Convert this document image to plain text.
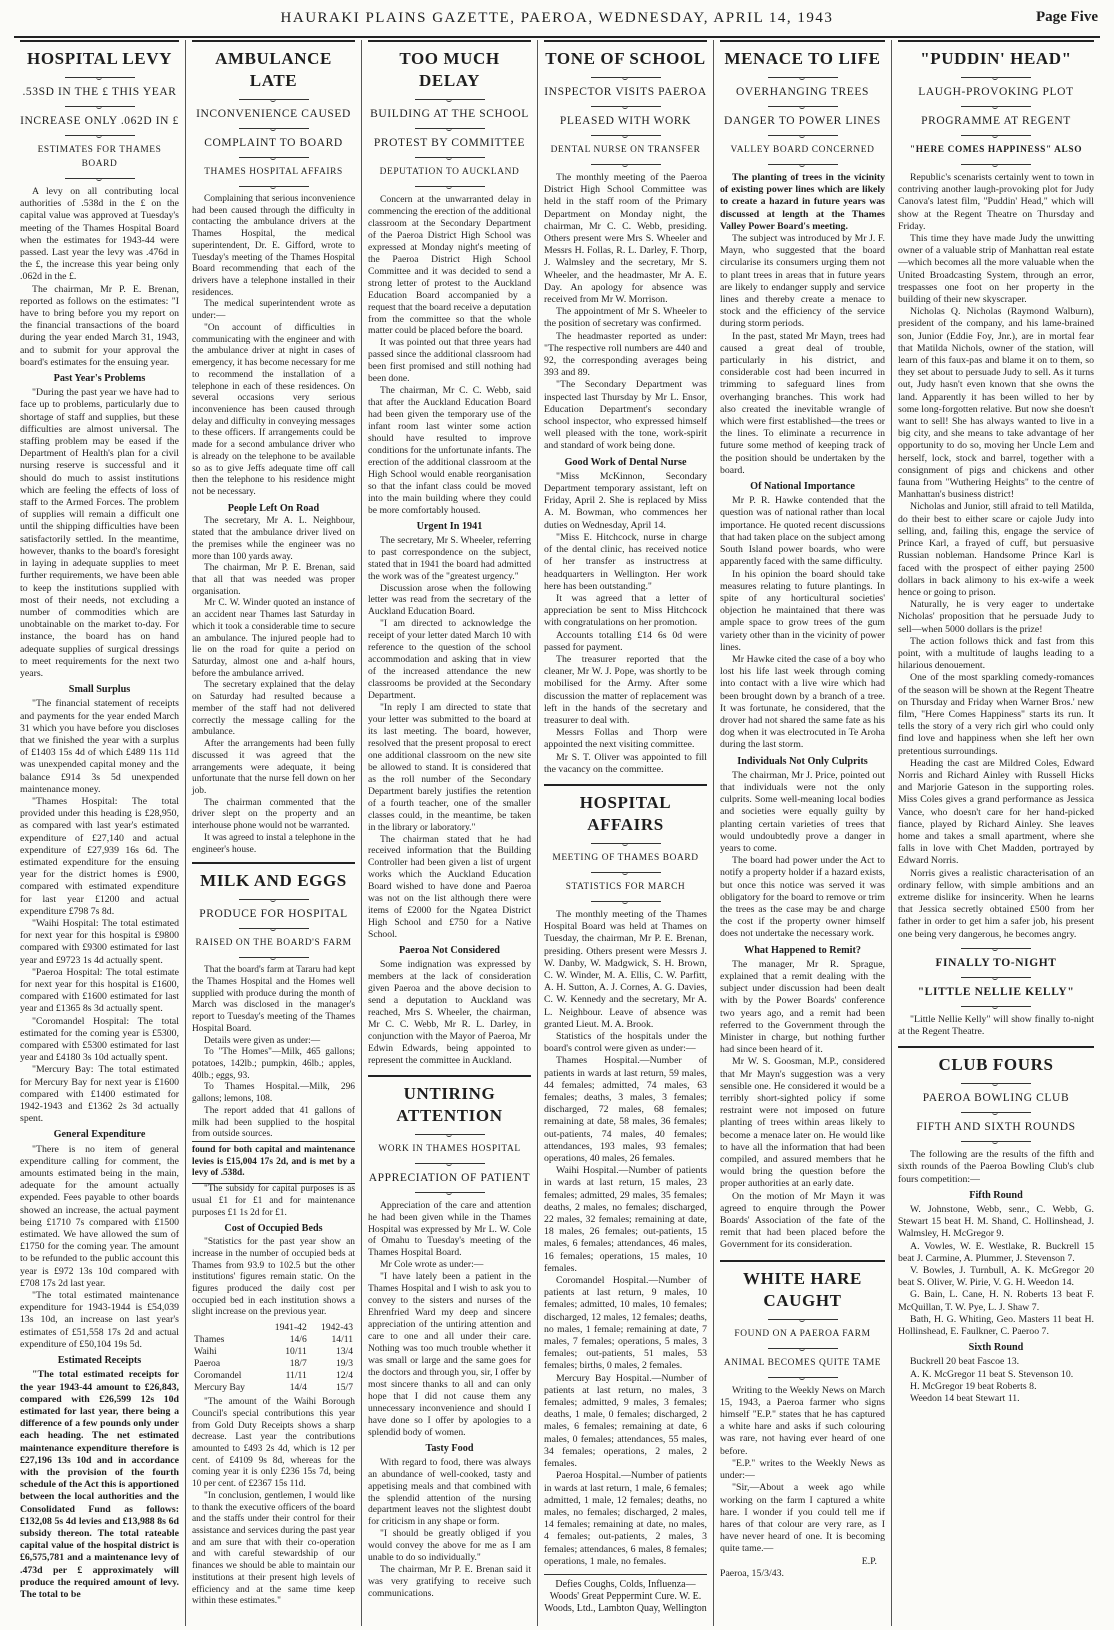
HAURAKI PLAINS GAZETTE, PAEROA, WEDNESDAY, APRIL 14, 1943	Page Five
HOSPITAL LEVY
.53SD IN THE £ THIS YEAR
INCREASE ONLY .062D IN £
ESTIMATES FOR THAMES BOARD

A levy on all contributing local authorities of .538d in the £ on the capital value was approved at Tuesday's meeting of the Thames Hospital Board when the estimates for 1943-44 were passed. Last year the levy was .476d in the £, the increase this year being only .062d in the £.

The chairman, Mr P. E. Brenan, reported as follows on the estimates: "I have to bring before you my report on the financial transactions of the board during the year ended March 31, 1943, and to submit for your approval the board's estimates for the ensuing year.

Past Year's Problems

"During the past year we have had to face up to problems, particularly due to shortage of staff and supplies, but these difficulties are almost universal. The staffing problem may be eased if the Department of Health's plan for a civil nursing reserve is successful and it should do much to assist institutions which are feeling the effects of loss of staff to the Armed Forces. The problem of supplies will remain a difficult one until the shipping difficulties have been satisfactorily settled. In the meantime, however, thanks to the board's foresight in laying in adequate supplies to meet further requirements, we have been able to keep the institutions supplied with most of their needs, not excluding a number of commodities which are unobtainable on the market to-day. For instance, the board has on hand adequate supplies of surgical dressings to meet requirements for the next two years.

Small Surplus

"The financial statement of receipts and payments for the year ended March 31 which you have before you discloses that we finished the year with a surplus of £1403 15s 4d of which £489 11s 11d was unexpended capital money and the balance £914 3s 5d unexpended maintenance money.

"Thames Hospital: The total provided under this heading is £28,950, as compared with last year's estimated expenditure of £27,140 and actual expenditure of £27,939 16s 6d. The estimated expenditure for the ensuing year for the district homes is £900, compared with estimated expenditure for last year £1200 and actual expenditure £798 7s 8d.

"Waihi Hospital: The total estimated for next year for this hospital is £9800 compared with £9300 estimated for last year and £9723 1s 4d actually spent.

"Paeroa Hospital: The total estimate for next year for this hospital is £1600, compared with £1600 estimated for last year and £1365 8s 3d actually spent.

"Coromandel Hospital: The total estimated for the coming year is £5300, compared with £5300 estimated for last year and £4180 3s 10d actually spent.

"Mercury Bay: The total estimated for Mercury Bay for next year is £1600 compared with £1400 estimated for 1942-1943 and £1362 2s 3d actually spent.

General Expenditure

"There is no item of general expenditure calling for comment, the amounts estimated being in the main, adequate for the amount actually expended. Fees payable to other boards showed an increase, the actual payment being £1710 7s compared with £1500 estimated. We have allowed the sum of £1750 for the coming year. The amount to be refunded to the public account this year is £972 13s 10d compared with £708 17s 2d last year.

"The total estimated maintenance expenditure for 1943-1944 is £54,039 13s 10d, an increase on last year's estimates of £51,558 17s 2d and actual expenditure of £50,104 19s 5d.

Estimated Receipts

"The total estimated receipts for the year 1943-44 amount to £26,843, compared with £26,599 12s 10d estimated for last year, there being a difference of a few pounds only under each heading. The net estimated maintenance expenditure therefore is £27,196 13s 10d and in accordance with the provision of the fourth schedule of the Act this is apportioned between the local authorities and the Consolidated Fund as follows: £132,08 5s 4d levies and £13,988 8s 6d subsidy thereon. The total rateable capital value of the hospital district is £6,575,781 and a maintenance levy of .473d per £ approximately will produce the required amount of levy. The total to be

AMBULANCE LATE
INCONVENIENCE CAUSED
COMPLAINT TO BOARD
THAMES HOSPITAL AFFAIRS

Complaining that serious inconvenience had been caused through the difficulty in contacting the ambulance drivers at the Thames Hospital, the medical superintendent, Dr. E. Gifford, wrote to Tuesday's meeting of the Thames Hospital Board recommending that each of the drivers have a telephone installed in their residences.

The medical superintendent wrote as under:—

"On account of difficulties in communicating with the engineer and with the ambulance driver at night in cases of emergency, it has become necessary for me to recommend the installation of a telephone in each of these residences. On several occasions very serious inconvenience has been caused through delay and difficulty in conveying messages to these officers. If arrangements could be made for a second ambulance driver who is already on the telephone to be available so as to give Jeffs adequate time off call then the telephone to his residence might not be necessary.

People Left On Road

The secretary, Mr A. L. Neighbour, stated that the ambulance driver lived on the premises while the engineer was no more than 100 yards away.

The chairman, Mr P. E. Brenan, said that all that was needed was proper organisation.

Mr C. W. Winder quoted an instance of an accident near Thames last Saturday in which it took a considerable time to secure an ambulance. The injured people had to lie on the road for quite a period on Saturday, almost one and a-half hours, before the ambulance arrived.

The secretary explained that the delay on Saturday had resulted because a member of the staff had not delivered correctly the message calling for the ambulance.

After the arrangements had been fully discussed it was agreed that the arrangements were adequate, it being unfortunate that the nurse fell down on her job.

The chairman commented that the driver slept on the property and an interhouse phone would not be warranted.

It was agreed to instal a telephone in the engineer's house.

MILK AND EGGS
PRODUCE FOR HOSPITAL
RAISED ON THE BOARD'S FARM

That the board's farm at Tararu had kept the Thames Hospital and the Homes well supplied with produce during the month of March was disclosed in the manager's report to Tuesday's meeting of the Thames Hospital Board.

Details were given as under:—

To "The Homes"—Milk, 465 gallons; potatoes, 142lb.; pumpkin, 46lb.; apples, 40lb.; eggs, 93.

To Thames Hospital.—Milk, 296 gallons; lemons, 108.

The report added that 41 gallons of milk had been supplied to the hospital from outside sources.

found for both capital and maintenance levies is £15,004 17s 2d, and is met by a levy of .538d.

"The subsidy for capital purposes is as usual £1 for £1 and for maintenance purposes £1 1s 2d for £1.

Cost of Occupied Beds

"Statistics for the past year show an increase in the number of occupied beds at Thames from 93.9 to 102.5 but the other institutions' figures remain static. On the figures produced the daily cost per occupied bed in each institution shows a slight increase on the previous year.

	1941-42	1942-43
Thames	14/6	14/11
Waihi	10/11	13/4
Paeroa	18/7	19/3
Coromandel	11/11	12/4
Mercury Bay	14/4	15/7

"The amount of the Waihi Borough Council's special contributions this year from Gold Duty Receipts shows a sharp decrease. Last year the contributions amounted to £493 2s 4d, which is 12 per cent. of £4109 9s 8d, whereas for the coming year it is only £236 15s 7d, being 10 per cent. of £2367 15s 11d.

"In conclusion, gentlemen, I would like to thank the executive officers of the board and the staffs under their control for their assistance and services during the past year and am sure that with their co-operation and with careful stewardship of our finances we should be able to maintain our institutions at their present high levels of efficiency and at the same time keep within these estimates."

TOO MUCH DELAY
BUILDING AT THE SCHOOL
PROTEST BY COMMITTEE
DEPUTATION TO AUCKLAND

Concern at the unwarranted delay in commencing the erection of the additional classroom at the Secondary Department of the Paeroa District High School was expressed at Monday night's meeting of the Paeroa District High School Committee and it was decided to send a strong letter of protest to the Auckland Education Board accompanied by a request that the board receive a deputation from the committee so that the whole matter could be placed before the board.

It was pointed out that three years had passed since the additional classroom had been first promised and still nothing had been done.

The chairman, Mr C. C. Webb, said that after the Auckland Education Board had been given the temporary use of the infant room last winter some action should have resulted to improve conditions for the unfortunate infants. The erection of the additional classroom at the High School would enable reorganisation so that the infant class could be moved into the main building where they could be more comfortably housed.

Urgent In 1941

The secretary, Mr S. Wheeler, referring to past correspondence on the subject, stated that in 1941 the board had admitted the work was of the "greatest urgency."

Discussion arose when the following letter was read from the secretary of the Auckland Education Board.

"I am directed to acknowledge the receipt of your letter dated March 10 with reference to the question of the school accommodation and asking that in view of the increased attendance the new classrooms be provided at the Secondary Department.

"In reply I am directed to state that your letter was submitted to the board at its last meeting. The board, however, resolved that the present proposal to erect one additional classroom on the new site be allowed to stand. It is considered that as the roll number of the Secondary Department barely justifies the retention of a fourth teacher, one of the smaller classes could, in the meantime, be taken in the library or laboratory."

The chairman stated that he had received information that the Building Controller had been given a list of urgent works which the Auckland Education Board wished to have done and Paeroa was not on the list although there were items of £2000 for the Ngatea District High School and £750 for a Native School.

Paeroa Not Considered

Some indignation was expressed by members at the lack of consideration given Paeroa and the above decision to send a deputation to Auckland was reached, Mrs S. Wheeler, the chairman, Mr C. C. Webb, Mr R. L. Darley, in conjunction with the Mayor of Paeroa, Mr Edwin Edwards, being appointed to represent the committee in Auckland.

UNTIRING ATTENTION
WORK IN THAMES HOSPITAL
APPRECIATION OF PATIENT

Appreciation of the care and attention he had been given while in the Thames Hospital was expressed by Mr L. W. Cole of Omahu to Tuesday's meeting of the Thames Hospital Board.

Mr Cole wrote as under:—

"I have lately been a patient in the Thames Hospital and I wish to ask you to convey to the sisters and nurses of the Ehrenfried Ward my deep and sincere appreciation of the untiring attention and care to one and all under their care. Nothing was too much trouble whether it was small or large and the same goes for the doctors and through you, sir, I offer by most sincere thanks to all and can only hope that I did not cause them any unnecessary inconvenience and should I have done so I offer by apologies to a splendid body of women.

Tasty Food

With regard to food, there was always an abundance of well-cooked, tasty and appetising meals and that combined with the splendid attention of the nursing department leaves not the slightest doubt for criticism in any shape or form.

"I should be greatly obliged if you would convey the above for me as I am unable to do so individually."

The chairman, Mr P. E. Brenan said it was very gratifying to receive such communications.

TONE OF SCHOOL
INSPECTOR VISITS PAEROA
PLEASED WITH WORK
DENTAL NURSE ON TRANSFER

The monthly meeting of the Paeroa District High School Committee was held in the staff room of the Primary Department on Monday night, the chairman, Mr C. C. Webb, presiding. Others present were Mrs S. Wheeler and Messrs H. Follas, R. L. Darley, F. Thorp, J. Walmsley and the secretary, Mr S. Wheeler, and the headmaster, Mr A. E. Day. An apology for absence was received from Mr W. Morrison.

The appointment of Mr S. Wheeler to the position of secretary was confirmed.

The headmaster reported as under: "The respective roll numbers are 440 and 92, the corresponding averages being 393 and 89.

"The Secondary Department was inspected last Thursday by Mr L. Ensor, Education Department's secondary school inspector, who expressed himself well pleased with the tone, work-spirit and standard of work being done.

Good Work of Dental Nurse

"Miss McKinnon, Secondary Department temporary assistant, left on Friday, April 2. She is replaced by Miss A. M. Bowman, who commences her duties on Wednesday, April 14.

"Miss E. Hitchcock, nurse in charge of the dental clinic, has received notice of her transfer as instructress at headquarters in Wellington. Her work here has been outstanding."

It was agreed that a letter of appreciation be sent to Miss Hitchcock with congratulations on her promotion.

Accounts totalling £14 6s 0d were passed for payment.

The treasurer reported that the cleaner, Mr W. J. Pope, was shortly to be mobilised for the Army. After some discussion the matter of replacement was left in the hands of the secretary and treasurer to deal with.

Messrs Follas and Thorp were appointed the next visiting committee.

Mr S. T. Oliver was appointed to fill the vacancy on the committee.

HOSPITAL AFFAIRS
MEETING OF THAMES BOARD
STATISTICS FOR MARCH

The monthly meeting of the Thames Hospital Board was held at Thames on Tuesday, the chairman, Mr P. E. Brenan, presiding. Others present were Messrs J. W. Danby, W. Madgwick, S. H. Brown, C. W. Winder, M. A. Ellis, C. W. Parfitt, A. H. Sutton, A. J. Cornes, A. G. Davies, C. W. Kennedy and the secretary, Mr A. L. Neighbour. Leave of absence was granted Lieut. M. A. Brook.

Statistics of the hospitals under the board's control were given as under:—

Thames Hospital.—Number of patients in wards at last return, 59 males, 44 females; admitted, 74 males, 63 females; deaths, 3 males, 3 females; discharged, 72 males, 68 females; remaining at date, 58 males, 36 females; out-patients, 74 males, 40 females; attendances, 193 males, 93 females; operations, 40 males, 26 females.

Waihi Hospital.—Number of patients in wards at last return, 15 males, 23 females; admitted, 29 males, 35 females; deaths, 2 males, no females; discharged, 22 males, 32 females; remaining at date, 18 males, 26 females; out-patients, 15 males, 6 females; attendances, 46 males, 16 females; operations, 15 males, 10 females.

Coromandel Hospital.—Number of patients at last return, 9 males, 10 females; admitted, 10 males, 10 females; discharged, 12 males, 12 females; deaths, no males, 1 female; remaining at date, 7 males, 7 females; operations, 5 males, 3 females; out-patients, 51 males, 53 females; births, 0 males, 2 females.

Mercury Bay Hospital.—Number of patients at last return, no males, 3 females; admitted, 9 males, 3 females; deaths, 1 male, 0 females; discharged, 2 males, 6 females; remaining at date, 6 males, 0 females; attendances, 55 males, 34 females; operations, 2 males, 2 females.

Paeroa Hospital.—Number of patients in wards at last return, 1 male, 6 females; admitted, 1 male, 12 females; deaths, no males, no females; discharged, 2 males, 14 females; remaining at date, no males, 4 females; out-patients, 2 males, 3 females; attendances, 6 males, 8 females; operations, 1 male, no females.

Defies Coughs, Colds, Influenza— Woods' Great Peppermint Cure. W. E. Woods, Ltd., Lambton Quay, Wellington
MENACE TO LIFE
OVERHANGING TREES
DANGER TO POWER LINES
VALLEY BOARD CONCERNED

The planting of trees in the vicinity of existing power lines which are likely to create a hazard in future years was discussed at length at the Thames Valley Power Board's meeting.

The subject was introduced by Mr J. F. Mayn, who suggested that the board circularise its consumers urging them not to plant trees in areas that in future years are likely to endanger supply and service lines and thereby create a menace to stock and the efficiency of the service during storm periods.

In the past, stated Mr Mayn, trees had caused a great deal of trouble, particularly in his district, and considerable cost had been incurred in trimming to safeguard lines from overhanging branches. This work had also created the inevitable wrangle of which were first established—the trees or the lines. To eliminate a recurrence in future some method of keeping track of the position should be undertaken by the board.

Of National Importance

Mr P. R. Hawke contended that the question was of national rather than local importance. He quoted recent discussions that had taken place on the subject among South Island power boards, who were apparently faced with the same difficulty.

In his opinion the board should take measures relating to future plantings. In spite of any horticultural societies' objection he maintained that there was ample space to grow trees of the gum variety other than in the vicinity of power lines.

Mr Hawke cited the case of a boy who lost his life last week through coming into contact with a live wire which had been brought down by a branch of a tree. It was fortunate, he considered, that the drover had not shared the same fate as his dog when it was electrocuted in Te Aroha during the last storm.

Individuals Not Only Culprits

The chairman, Mr J. Price, pointed out that individuals were not the only culprits. Some well-meaning local bodies and societies were equally guilty by planting certain varieties of trees that would undoubtedly prove a danger in years to come.

The board had power under the Act to notify a property holder if a hazard exists, but once this notice was served it was obligatory for the board to remove or trim the trees as the case may be and charge the cost if the property owner himself does not undertake the necessary work.

What Happened to Remit?

The manager, Mr R. Sprague, explained that a remit dealing with the subject under discussion had been dealt with by the Power Boards' conference two years ago, and a remit had been referred to the Government through the Minister in charge, but nothing further had since been heard of it.

Mr W. S. Goosman, M.P., considered that Mr Mayn's suggestion was a very sensible one. He considered it would be a terribly short-sighted policy if some restraint were not imposed on future planting of trees within areas likely to become a menace later on. He would like to have all the information that had been compiled, and assured members that he would bring the question before the proper authorities at an early date.

On the motion of Mr Mayn it was agreed to enquire through the Power Boards' Association of the fate of the remit that had been placed before the Government for its consideration.

WHITE HARE CAUGHT
FOUND ON A PAEROA FARM
ANIMAL BECOMES QUITE TAME

Writing to the Weekly News on March 15, 1943, a Paeroa farmer who signs himself "E.P." states that he has captured a white hare and asks if such colouring was rare, not having ever heard of one before.

"E.P." writes to the Weekly News as under:—

"Sir,—About a week ago while working on the farm I captured a white hare. I wonder if you could tell me if hares of that colour are very rare, as I have never heard of one. It is becoming quite tame.—

E.P.
Paeroa, 15/3/43.
"PUDDIN' HEAD"
LAUGH-PROVOKING PLOT
PROGRAMME AT REGENT
"HERE COMES HAPPINESS" ALSO

Republic's scenarists certainly went to town in contriving another laugh-provoking plot for Judy Canova's latest film, "Puddin' Head," which will show at the Regent Theatre on Thursday and Friday.

This time they have made Judy the unwitting owner of a valuable strip of Manhattan real estate—which becomes all the more valuable when the United Broadcasting System, through an error, trespasses one foot on her property in the building of their new skyscraper.

Nicholas Q. Nicholas (Raymond Walburn), president of the company, and his lame-brained son, Junior (Eddie Foy, Jnr.), are in mortal fear that Matilda Nichols, owner of the station, will learn of this faux-pas and blame it on to them, so they set about to persuade Judy to sell. As it turns out, Judy hasn't even known that she owns the land. Apparently it has been willed to her by some long-forgotten relative. But now she doesn't want to sell! She has always wanted to live in a big city, and she means to take advantage of her opportunity to do so, moving her Uncle Lem and herself, lock, stock and barrel, together with a consignment of pigs and chickens and other fauna from "Wuthering Heights" to the centre of Manhattan's business district!

Nicholas and Junior, still afraid to tell Matilda, do their best to either scare or cajole Judy into selling, and, failing this, engage the service of Prince Karl, a frayed of cuff, but persuasive Russian nobleman. Handsome Prince Karl is faced with the prospect of either paying 2500 dollars in back alimony to his ex-wife a week hence or going to prison.

Naturally, he is very eager to undertake Nicholas' proposition that he persuade Judy to sell—when 5000 dollars is the prize!

The action follows thick and fast from this point, with a multitude of laughs leading to a hilarious denouement.

One of the most sparkling comedy-romances of the season will be shown at the Regent Theatre on Thursday and Friday when Warner Bros.' new film, "Here Comes Happiness" starts its run. It tells the story of a very rich girl who could only find love and happiness when she left her own pretentious surroundings.

Heading the cast are Mildred Coles, Edward Norris and Richard Ainley with Russell Hicks and Marjorie Gateson in the supporting roles. Miss Coles gives a grand performance as Jessica Vance, who doesn't care for her hand-picked fiance, played by Richard Ainley. She leaves home and takes a small apartment, where she falls in love with Chet Madden, portrayed by Edward Norris.

Norris gives a realistic characterisation of an ordinary fellow, with simple ambitions and an extreme dislike for insincerity. When he learns that Jessica secretly obtained £500 from her father in order to get him a safer job, his present one being very dangerous, he becomes angry.

FINALLY TO-NIGHT
"LITTLE NELLIE KELLY"

"Little Nellie Kelly" will show finally to-night at the Regent Theatre.

CLUB FOURS
PAEROA BOWLING CLUB
FIFTH AND SIXTH ROUNDS

The following are the results of the fifth and sixth rounds of the Paeroa Bowling Club's club fours competition:—

Fifth Round

W. Johnstone, Webb, senr., C. Webb, G. Stewart 15 beat H. M. Shand, C. Hollinshead, J. Walmsley, H. McGregor 9.

A. Vowles, W. E. Westlake, R. Buckrell 15 beat J. Carmine, A. Plummer, J. Stevenson 7.

V. Bowles, J. Turnbull, A. K. McGregor 20 beat S. Oliver, W. Pirie, V. G. H. Weedon 14.

G. Bain, L. Cane, H. N. Roberts 13 beat F. McQuillan, T. W. Pye, L. J. Shaw 7.

Bath, H. G. Whiting, Geo. Masters 11 beat H. Hollinshead, E. Faulkner, C. Paeroo 7.

Sixth Round

Buckrell 20 beat Fascoe 13.

A. K. McGregor 11 beat S. Stevenson 10.

H. McGregor 19 beat Roberts 8.

Weedon 14 beat Stewart 11.
